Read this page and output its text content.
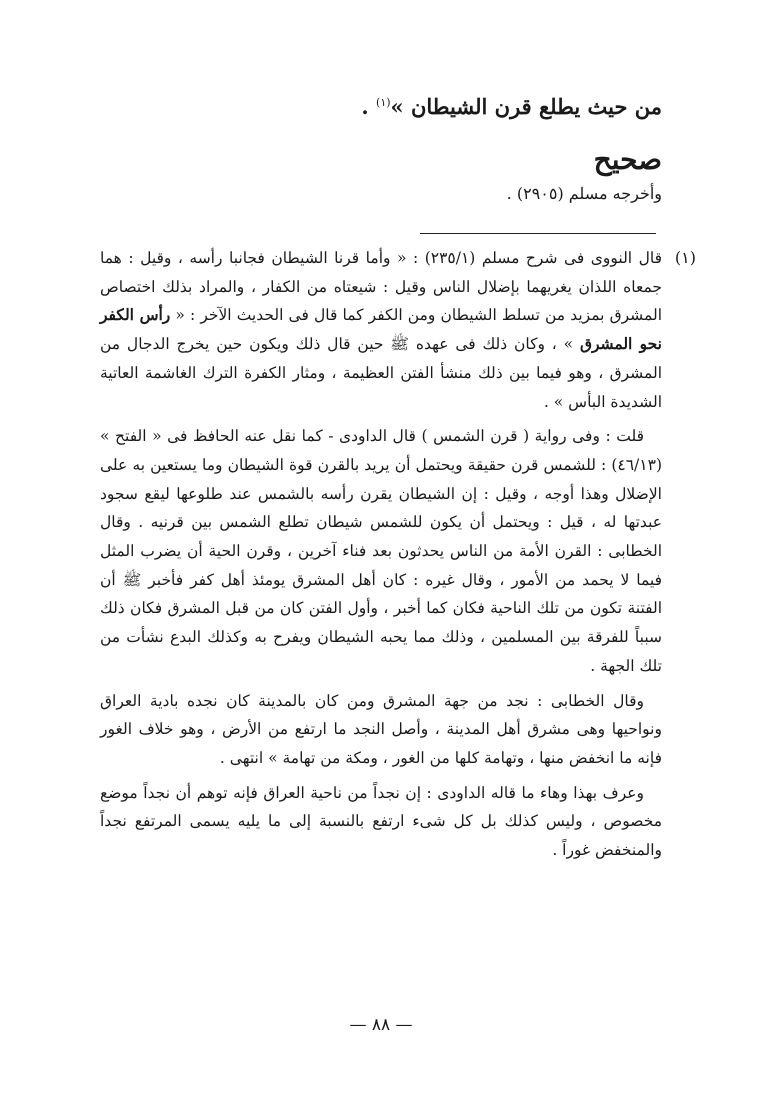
من حيث يطلع قرن الشيطان »$^{(١)}$ .
صحيح
وأخرجه مسلم (٢٩٠٥) .
(١)

قال النووى فى شرح مسلم (٢٣٥/١) : « وأما قرنا الشيطان فجانبا رأسه ، وقيل : هما جمعاه اللذان يغريهما بإضلال الناس وقيل : شيعتاه من الكفار ، والمراد بذلك اختصاص المشرق بمزيد من تسلط الشيطان ومن الكفر كما قال فى الحديث الآخر : « رأس الكفر نحو المشرق » ، وكان ذلك فى عهده ﷺ حين قال ذلك ويكون حين يخرج الدجال من المشرق ، وهو فيما بين ذلك منشأ الفتن العظيمة ، ومثار الكفرة الترك الغاشمة العاتية الشديدة البأس » .

قلت : وفى رواية ( قرن الشمس ) قال الداودى - كما نقل عنه الحافظ فى « الفتح » (٤٦/١٣) : للشمس قرن حقيقة ويحتمل أن يريد بالقرن قوة الشيطان وما يستعين به على الإضلال وهذا أوجه ، وقيل : إن الشيطان يقرن رأسه بالشمس عند طلوعها ليقع سجود عبدتها له ، قيل : ويحتمل أن يكون للشمس شيطان تطلع الشمس بين قرنيه . وقال الخطابى : القرن الأمة من الناس يحدثون بعد فناء آخرين ، وقرن الحية أن يضرب المثل فيما لا يحمد من الأمور ، وقال غيره : كان أهل المشرق يومئذ أهل كفر فأخبر ﷺ أن الفتنة تكون من تلك الناحية فكان كما أخبر ، وأول الفتن كان من قبل المشرق فكان ذلك سبباً للفرقة بين المسلمين ، وذلك مما يحبه الشيطان ويفرح به وكذلك البدع نشأت من تلك الجهة .

وقال الخطابى : نجد من جهة المشرق ومن كان بالمدينة كان نجده بادية العراق ونواحيها وهى مشرق أهل المدينة ، وأصل النجد ما ارتفع من الأرض ، وهو خلاف الغور فإنه ما انخفض منها ، وتهامة كلها من الغور ، ومكة من تهامة » انتهى .

وعرف بهذا وهاء ما قاله الداودى : إن نجداً من ناحية العراق فإنه توهم أن نجداً موضع مخصوص ، وليس كذلك بل كل شىء ارتفع بالنسبة إلى ما يليه يسمى المرتفع نجداً والمنخفض غوراً .

— ٨٨ —
